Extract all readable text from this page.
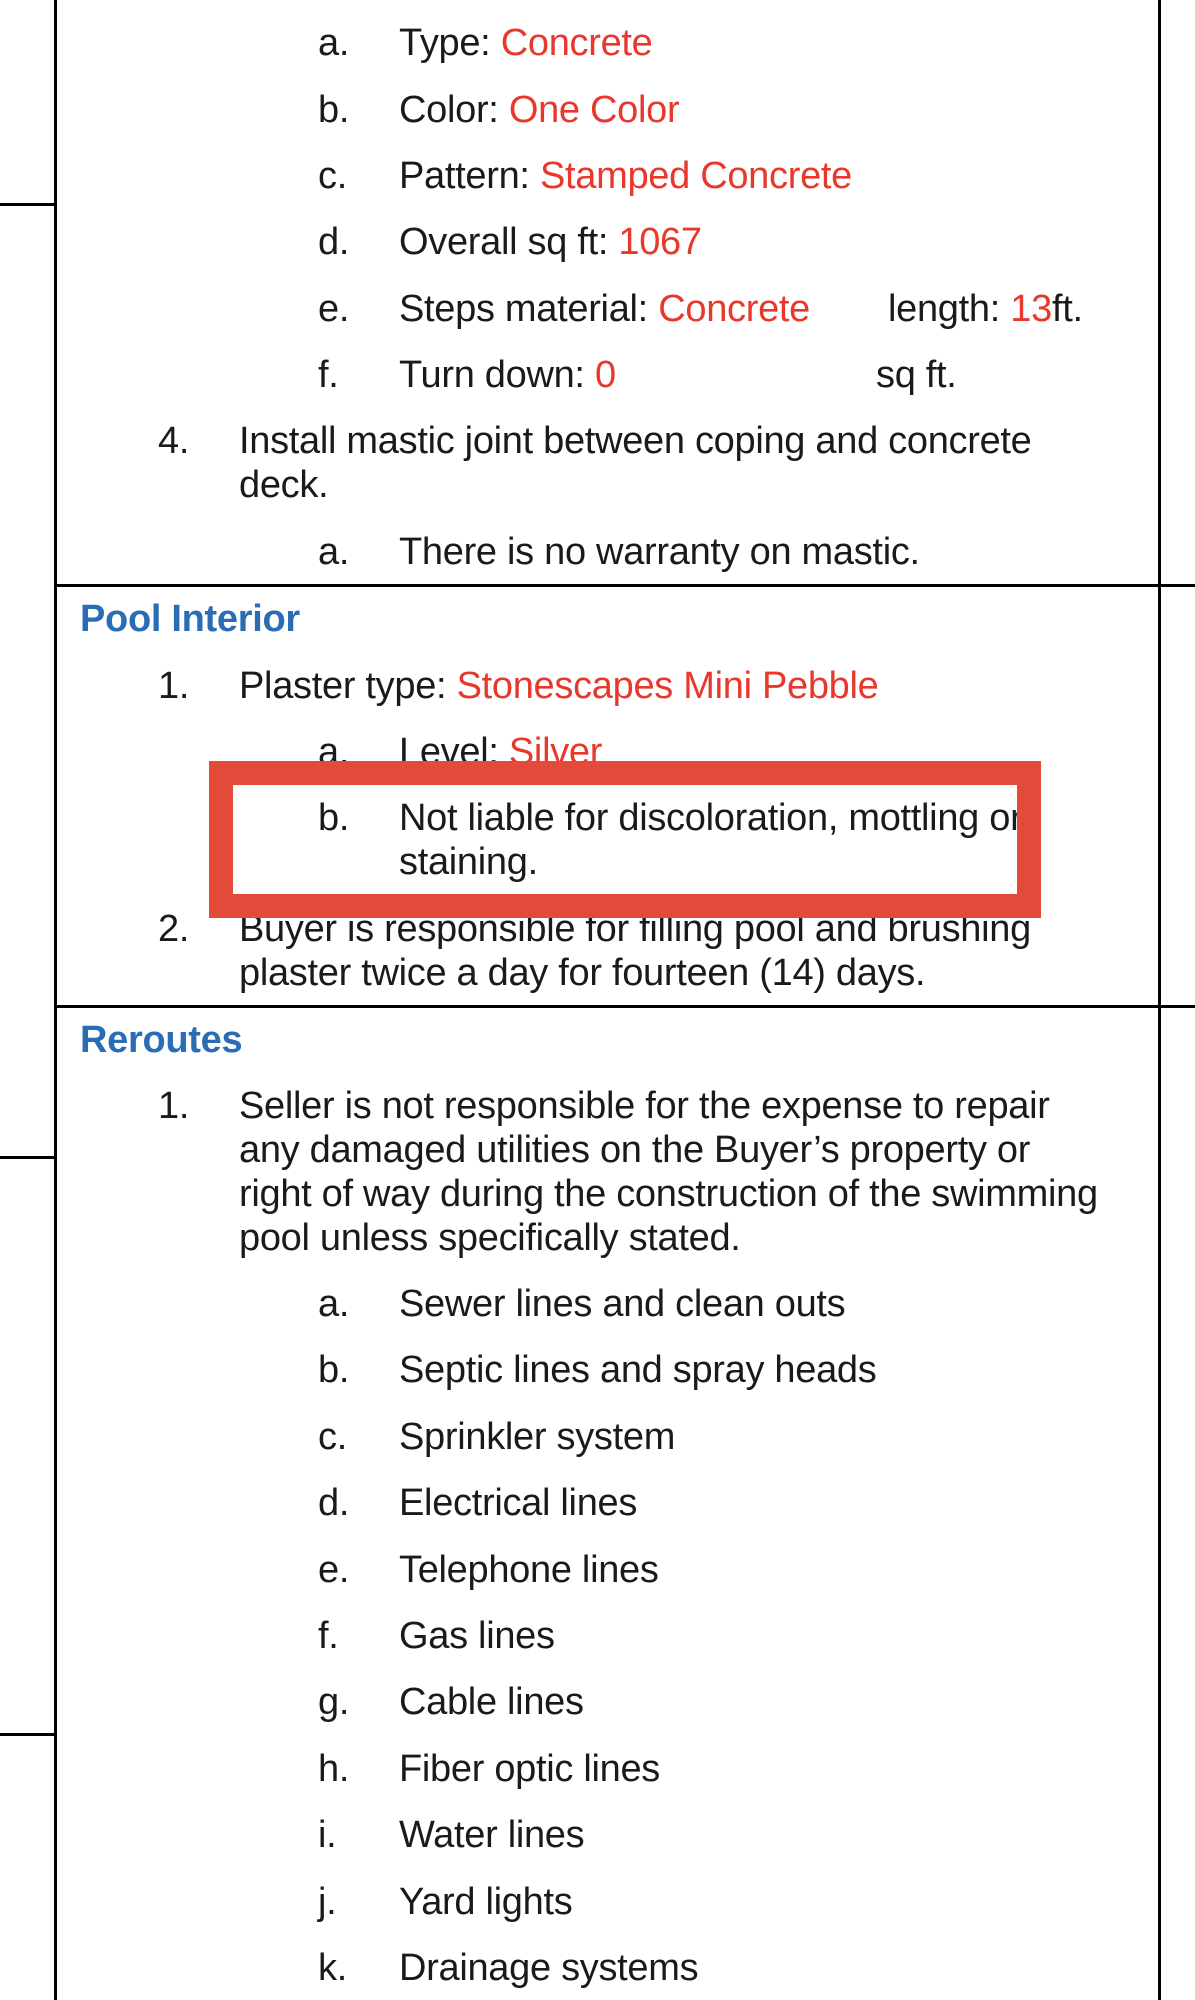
a. Type: Concrete
b. Color: One Color
c. Pattern: Stamped Concrete
d. Overall sq ft: 1067
e. Steps material: Concrete length: 13ft.
f. Turn down: 0	sq ft.
4. Install mastic joint between coping and concrete
deck.
a. There is no warranty on mastic.
Pool Interior
1. Plaster type: Stonescapes Mini Pebble
a. Level: Silver
b. Not liable for discoloration, mottling or
staining.
2. Buyer is responsible for filling pool and brushing
plaster twice a day for fourteen (14) days.
Reroutes
1. Seller is not responsible for the expense to repair
any damaged utilities on the Buyer’s property or
right of way during the construction of the swimming
pool unless specifically stated.
a. Sewer lines and clean outs
b. Septic lines and spray heads
c. Sprinkler system
d. Electrical lines
e. Telephone lines
f. Gas lines
g. Cable lines
h. Fiber optic lines
i. Water lines
j. Yard lights
k. Drainage systems
